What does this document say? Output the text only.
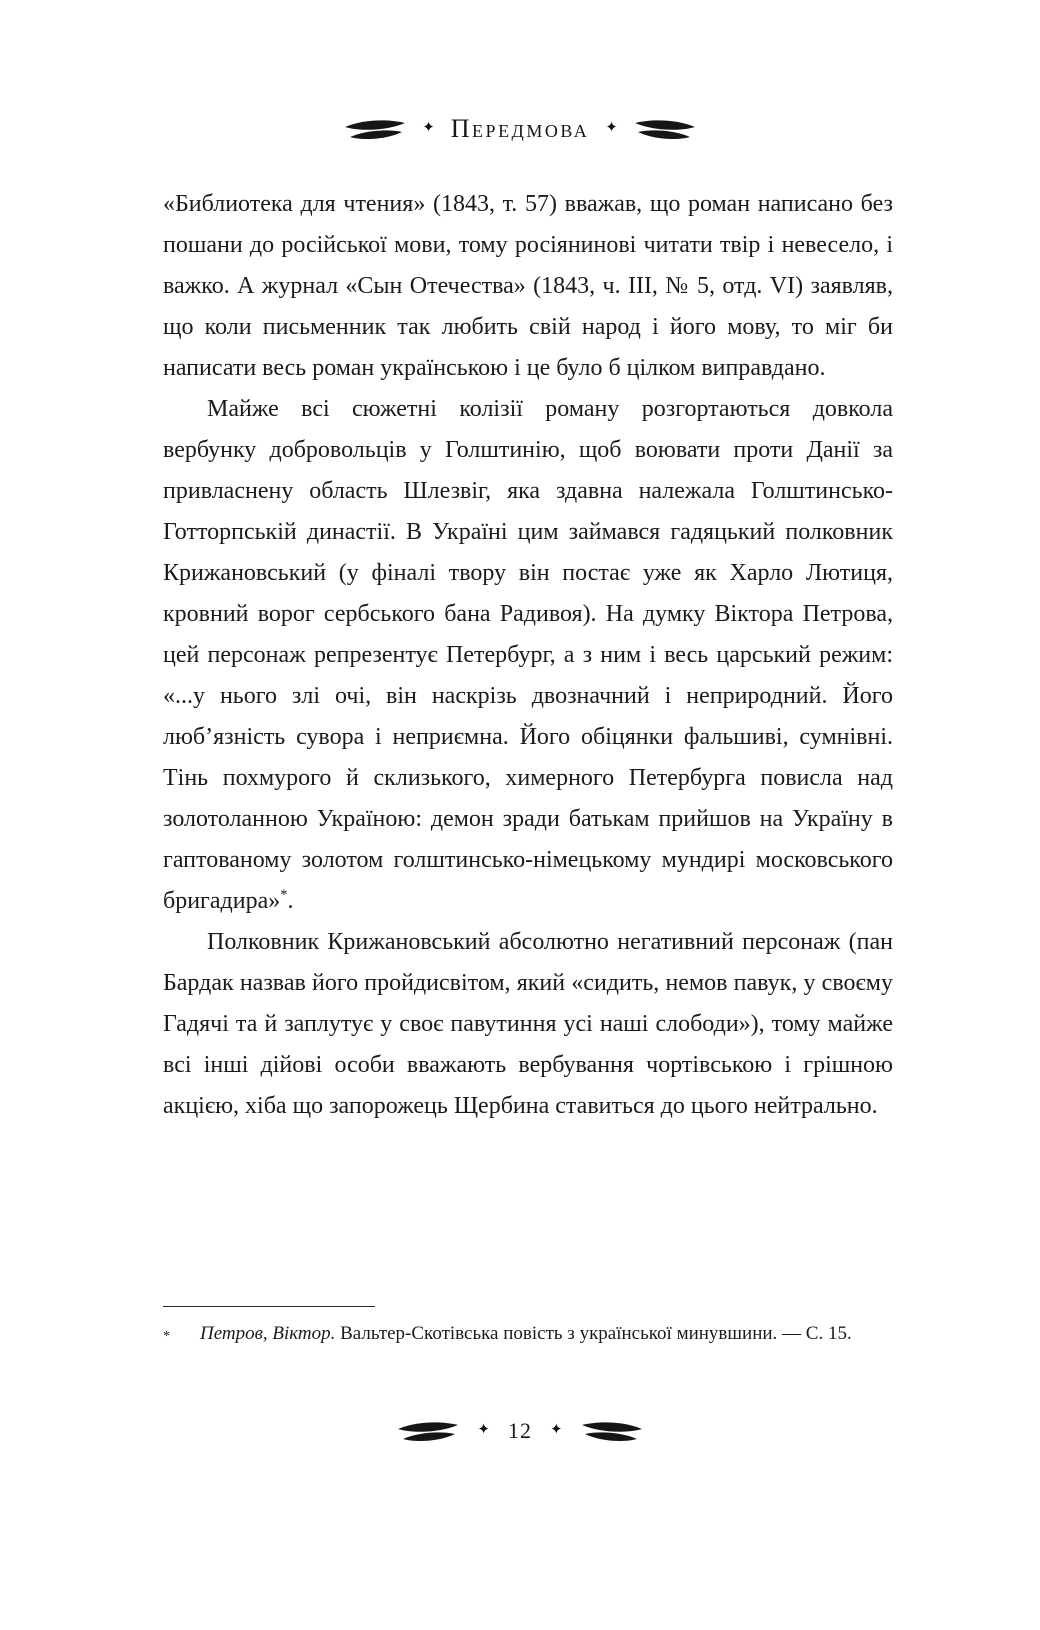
✦ Передмова ✦

«Библиотека для чтения» (1843, т. 57) вважав, що роман написано без пошани до російської мови, тому росіянинові читати твір і невесело, і важко. А журнал «Сын Отечества» (1843, ч. III, № 5, отд. VI) заявляв, що коли письменник так любить свій народ і його мову, то міг би написати весь роман українською і це було б цілком виправдано.

Майже всі сюжетні колізії роману розгортаються довкола вербунку добровольців у Голштинію, щоб воювати проти Данії за привласнену область Шлезвіг, яка здавна належала Голштинсько-Готторпській династії. В Україні цим займався гадяцький полковник Крижановський (у фіналі твору він постає уже як Харло Лютиця, кровний ворог сербського бана Радивоя). На думку Віктора Петрова, цей персонаж репрезентує Петербург, а з ним і весь царський режим: «...у нього злі очі, він наскрізь двозначний і неприродний. Його люб’язність сувора і неприємна. Його обіцянки фальшиві, сумнівні. Тінь похмурого й склизького, химерного Петербурга повисла над золотоланною Україною: демон зради батькам прийшов на Україну в гаптованому золотом голштинсько-німецькому мундирі московського бригадира»*.

Полковник Крижановський абсолютно негативний персонаж (пан Бардак назвав його пройдисвітом, який «сидить, немов павук, у своєму Гадячі та й заплутує у своє павутиння усі наші слободи»), тому майже всі інші дійові особи вважають вербування чортівською і грішною акцією, хіба що запорожець Щербина ставиться до цього нейтрально.

*	Петров, Віктор. Вальтер-Скотівська повість з української минувшини. — С. 15.
✦ 12 ✦
